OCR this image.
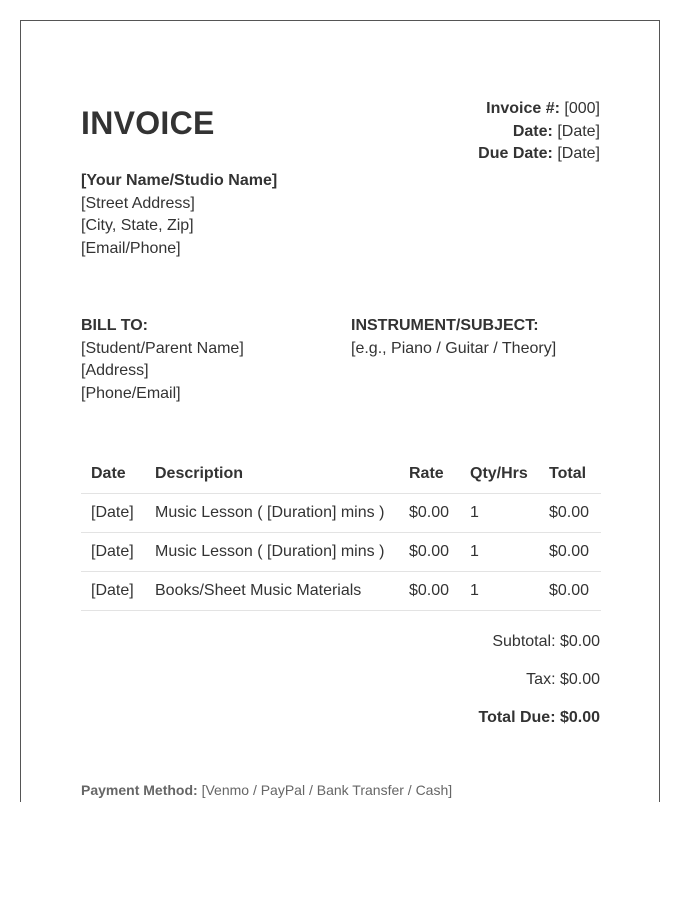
INVOICE	Invoice #: [000]
Date: [Date]
Due Date: [Date]
[Your Name/Studio Name]
[Street Address]
[City, State, Zip]
[Email/Phone]
BILL TO:
[Student/Parent Name]
[Address]
[Phone/Email]
INSTRUMENT/SUBJECT:
[e.g., Piano / Guitar / Theory]
Date	Description	Rate	Qty/Hrs	Total
[Date]	Music Lesson ( [Duration] mins )	$0.00	1	$0.00
[Date]	Music Lesson ( [Duration] mins )	$0.00	1	$0.00
[Date]	Books/Sheet Music Materials	$0.00	1	$0.00
Subtotal: $0.00
Tax: $0.00
Total Due: $0.00
Payment Method: [Venmo / PayPal / Bank Transfer / Cash]
